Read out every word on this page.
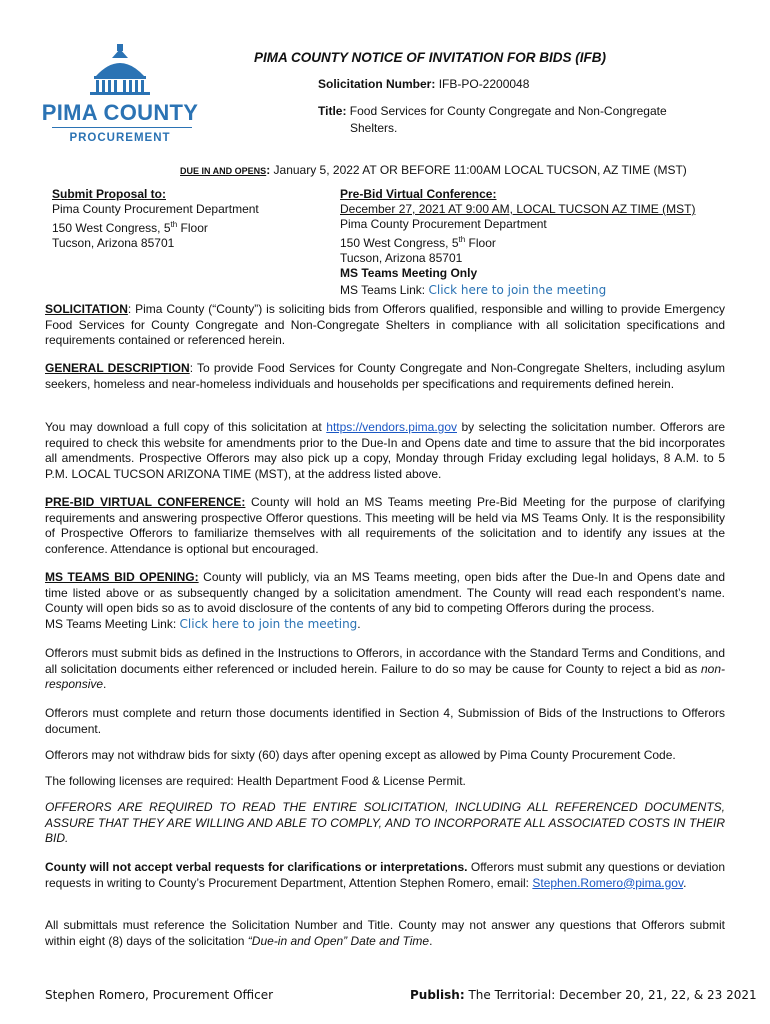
PIMA COUNTY
PROCUREMENT
PIMA COUNTY NOTICE OF INVITATION FOR BIDS (IFB)
Solicitation Number: IFB-PO-2200048
Title: Food Services for County Congregate and Non-Congregate
Shelters.
DUE IN AND OPENS: January 5, 2022 AT OR BEFORE 11:00AM LOCAL TUCSON, AZ TIME (MST)
Submit Proposal to:
Pima County Procurement Department
150 West Congress, 5th Floor
Tucson, Arizona 85701
Pre-Bid Virtual Conference:
December 27, 2021 AT 9:00 AM, LOCAL TUCSON AZ TIME (MST)
Pima County Procurement Department
150 West Congress, 5th Floor
Tucson, Arizona 85701
MS Teams Meeting Only
MS Teams Link: Click here to join the meeting
SOLICITATION: Pima County (“County”) is soliciting bids from Offerors qualified, responsible and willing to provide Emergency Food Services for County Congregate and Non-Congregate Shelters in compliance with all solicitation specifications and requirements contained or referenced herein.
GENERAL DESCRIPTION: To provide Food Services for County Congregate and Non-Congregate Shelters, including asylum seekers, homeless and near-homeless individuals and households per specifications and requirements defined herein.
You may download a full copy of this solicitation at https://vendors.pima.gov by selecting the solicitation number. Offerors are required to check this website for amendments prior to the Due-In and Opens date and time to assure that the bid incorporates all amendments. Prospective Offerors may also pick up a copy, Monday through Friday excluding legal holidays, 8 A.M. to 5 P.M. LOCAL TUCSON ARIZONA TIME (MST), at the address listed above.
PRE-BID VIRTUAL CONFERENCE: County will hold an MS Teams meeting Pre-Bid Meeting for the purpose of clarifying requirements and answering prospective Offeror questions. This meeting will be held via MS Teams Only. It is the responsibility of Prospective Offerors to familiarize themselves with all requirements of the solicitation and to identify any issues at the conference. Attendance is optional but encouraged.
MS TEAMS BID OPENING: County will publicly, via an MS Teams meeting, open bids after the Due-In and Opens date and time listed above or as subsequently changed by a solicitation amendment. The County will read each respondent’s name. County will open bids so as to avoid disclosure of the contents of any bid to competing Offerors during the process.
MS Teams Meeting Link: Click here to join the meeting.
Offerors must submit bids as defined in the Instructions to Offerors, in accordance with the Standard Terms and Conditions, and all solicitation documents either referenced or included herein. Failure to do so may be cause for County to reject a bid as non-responsive.
Offerors must complete and return those documents identified in Section 4, Submission of Bids of the Instructions to Offerors document.
Offerors may not withdraw bids for sixty (60) days after opening except as allowed by Pima County Procurement Code.
The following licenses are required: Health Department Food & License Permit.
OFFERORS ARE REQUIRED TO READ THE ENTIRE SOLICITATION, INCLUDING ALL REFERENCED DOCUMENTS, ASSURE THAT THEY ARE WILLING AND ABLE TO COMPLY, AND TO INCORPORATE ALL ASSOCIATED COSTS IN THEIR BID.
County will not accept verbal requests for clarifications or interpretations. Offerors must submit any questions or deviation requests in writing to County’s Procurement Department, Attention Stephen Romero, email: Stephen.Romero@pima.gov.
All submittals must reference the Solicitation Number and Title. County may not answer any questions that Offerors submit within eight (8) days of the solicitation “Due-in and Open” Date and Time.
Stephen Romero, Procurement Officer	Publish: The Territorial: December 20, 21, 22, & 23 2021
